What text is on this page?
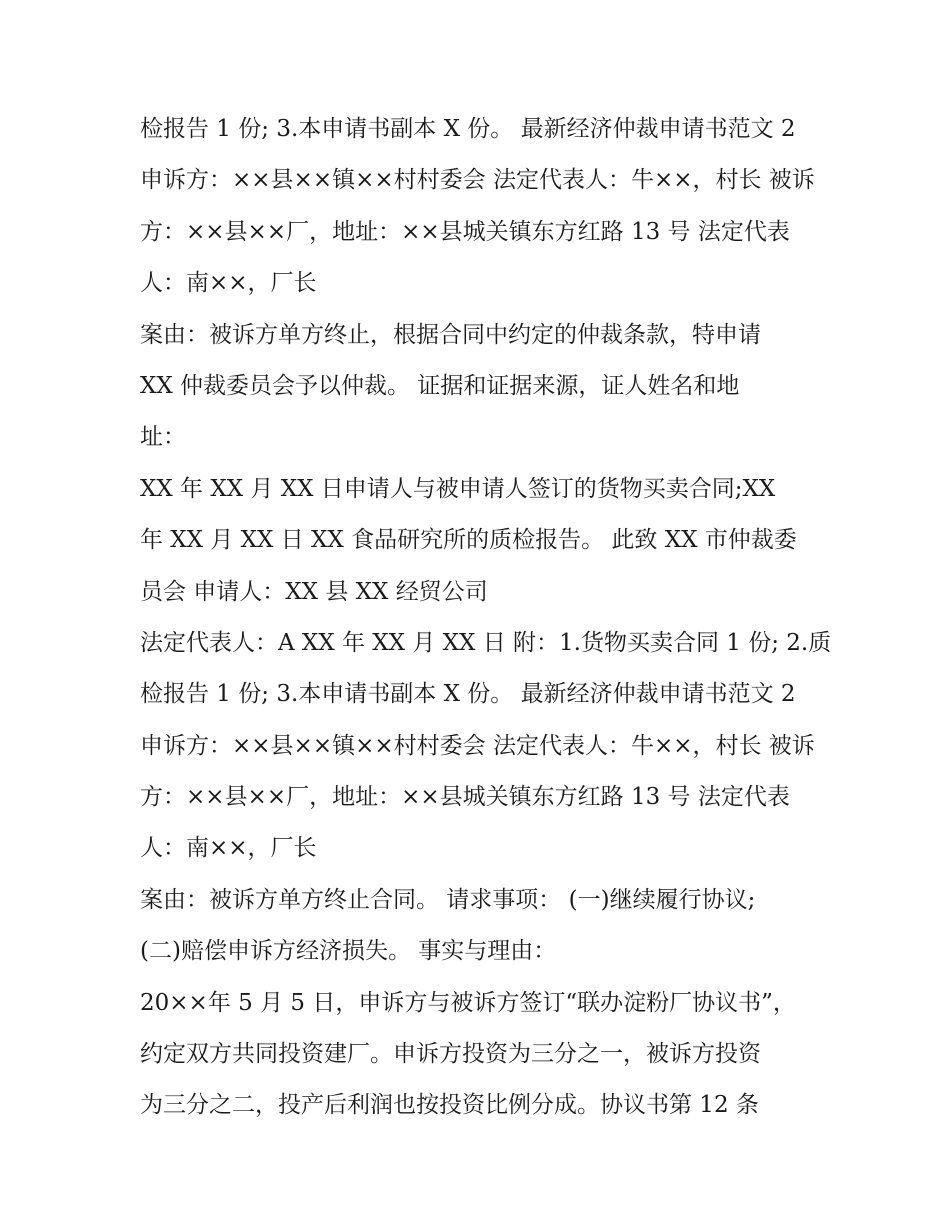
检报告 1 份; 3.本申请书副本 X 份。 最新经济仲裁申请书范文 2
申诉方：××县××镇××村村委会 法定代表人：牛××，村长 被诉
方：××县××厂，地址：××县城关镇东方红路 13 号 法定代表
人：南××，厂长
案由：被诉方单方终止，根据合同中约定的仲裁条款，特申请
XX 仲裁委员会予以仲裁。 证据和证据来源，证人姓名和地
址：
XX 年 XX 月 XX 日申请人与被申请人签订的货物买卖合同;XX
年 XX 月 XX 日 XX 食品研究所的质检报告。 此致 XX 市仲裁委
员会 申请人：XX 县 XX 经贸公司
法定代表人：A XX 年 XX 月 XX 日 附：1.货物买卖合同 1 份; 2.质
检报告 1 份; 3.本申请书副本 X 份。 最新经济仲裁申请书范文 2
申诉方：××县××镇××村村委会 法定代表人：牛××，村长 被诉
方：××县××厂，地址：××县城关镇东方红路 13 号 法定代表
人：南××，厂长
案由：被诉方单方终止合同。 请求事项： (一)继续履行协议;
(二)赔偿申诉方经济损失。 事实与理由：
20××年 5 月 5 日，申诉方与被诉方签订“联办淀粉厂协议书”，
约定双方共同投资建厂。申诉方投资为三分之一，被诉方投资
为三分之二，投产后利润也按投资比例分成。协议书第 12 条
